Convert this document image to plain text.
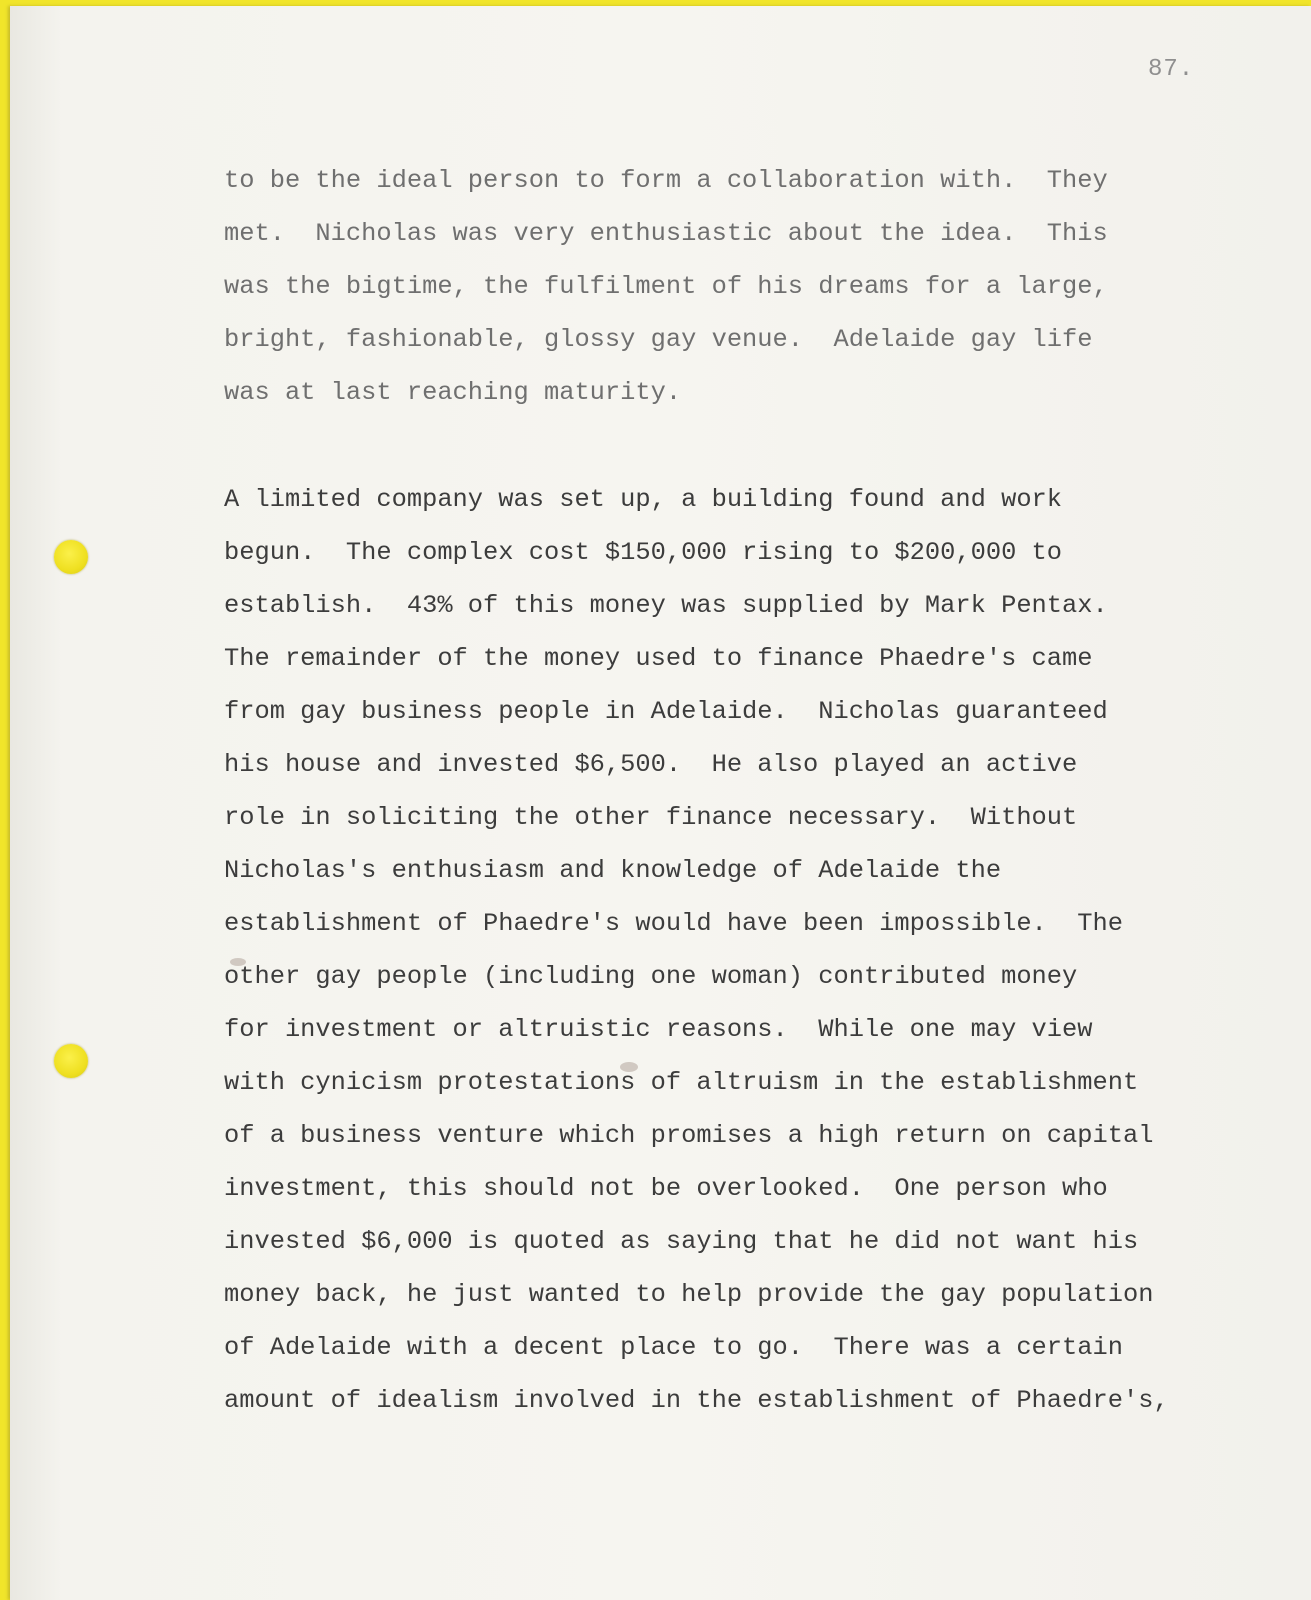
87.
to be the ideal person to form a collaboration with.  They
met.  Nicholas was very enthusiastic about the idea.  This
was the bigtime, the fulfilment of his dreams for a large,
bright, fashionable, glossy gay venue.  Adelaide gay life
was at last reaching maturity.
A limited company was set up, a building found and work
begun.  The complex cost $150,000 rising to $200,000 to
establish.  43% of this money was supplied by Mark Pentax.
The remainder of the money used to finance Phaedre's came
from gay business people in Adelaide.  Nicholas guaranteed
his house and invested $6,500.  He also played an active
role in soliciting the other finance necessary.  Without
Nicholas's enthusiasm and knowledge of Adelaide the
establishment of Phaedre's would have been impossible.  The
other gay people (including one woman) contributed money
for investment or altruistic reasons.  While one may view
with cynicism protestations of altruism in the establishment
of a business venture which promises a high return on capital
investment, this should not be overlooked.  One person who
invested $6,000 is quoted as saying that he did not want his
money back, he just wanted to help provide the gay population
of Adelaide with a decent place to go.  There was a certain
amount of idealism involved in the establishment of Phaedre's,
